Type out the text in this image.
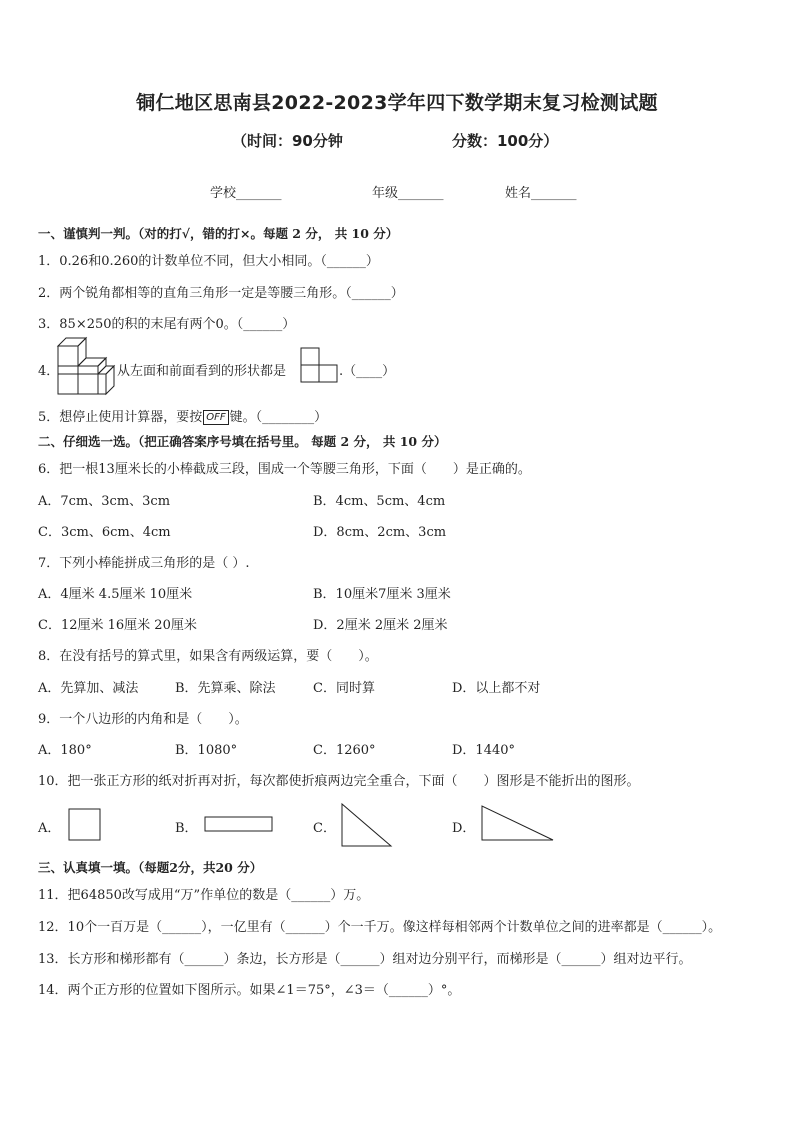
铜仁地区思南县2022-2023学年四下数学期末复习检测试题
（时间：90分钟	分数：100分）
学校_______	年级_______	姓名_______
一、谨慎判一判。（对的打√，错的打×。每题 2 分， 共 10 分）
1．0.26和0.260的计数单位不同，但大小相同。（______）
2．两个锐角都相等的直角三角形一定是等腰三角形。（______）
3．85×250的积的末尾有两个0。（______）
4．	从左面和前面看到的形状都是	.（____）
5．想停止使用计算器，要按 OFF 键。（________）
二、仔细选一选。（把正确答案序号填在括号里。 每题 2 分， 共 10 分）
6．把一根13厘米长的小棒截成三段，围成一个等腰三角形，下面（　　）是正确的。
A．7cm、3cm、3cm	B．4cm、5cm、4cm
C．3cm、6cm、4cm	D．8cm、2cm、3cm
7．下列小棒能拼成三角形的是（ ）.
A．4厘米 4.5厘米 10厘米	B．10厘米7厘米 3厘米
C．12厘米 16厘米 20厘米	D．2厘米 2厘米 2厘米
8．在没有括号的算式里，如果含有两级运算，要（　　）。
A．先算加、减法	B．先算乘、除法	C．同时算	D．以上都不对
9．一个八边形的内角和是（　　）。
A．180°	B．1080°	C．1260°	D．1440°
10．把一张正方形的纸对折再对折，每次都使折痕两边完全重合，下面（　　）图形是不能折出的图形。
A．	B．	C．	D．
三、认真填一填。（每题2分，共20 分）
11．把64850改写成用“万”作单位的数是（______）万。
12．10个一百万是（______），一亿里有（______）个一千万。像这样每相邻两个计数单位之间的进率都是（______）。
13．长方形和梯形都有（______）条边，长方形是（______）组对边分别平行，而梯形是（______）组对边平行。
14．两个正方形的位置如下图所示。如果∠1＝75°，∠3＝（______）°。
